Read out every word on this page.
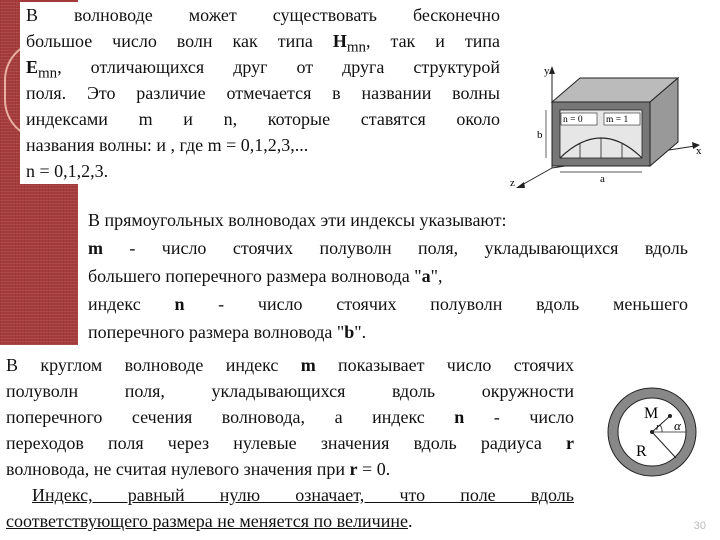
В волноводе может существовать бесконечно
большое число волн как типа $H_{mn}$, так и типа
$E_{mn}$, отличающихся друг от друга структурой
поля. Это различие отмечается в названии волны
индексами m и n, которые ставятся около
названия волны: и , где m = 0,1,2,3,...
n = 0,1,2,3.
y
x
z
n = 0 m = 1
b
a
В прямоугольных волноводах эти индексы указывают:
m - число стоячих полуволн поля, укладывающихся вдоль
большего поперечного размера волновода "а",
индекс n - число стоячих полуволн вдоль меньшего
поперечного размера волновода "b".
В круглом волноводе индекс m показывает число стоячих
полуволн поля, укладывающихся вдоль окружности
поперечного сечения волновода, а индекс n - число
переходов поля через нулевые значения вдоль радиуса r
волновода, не считая нулевого значения при r = 0.
Индекс, равный нулю означает, что поле вдоль
соответствующего размера не меняется по величине.
M
r α
R
30
